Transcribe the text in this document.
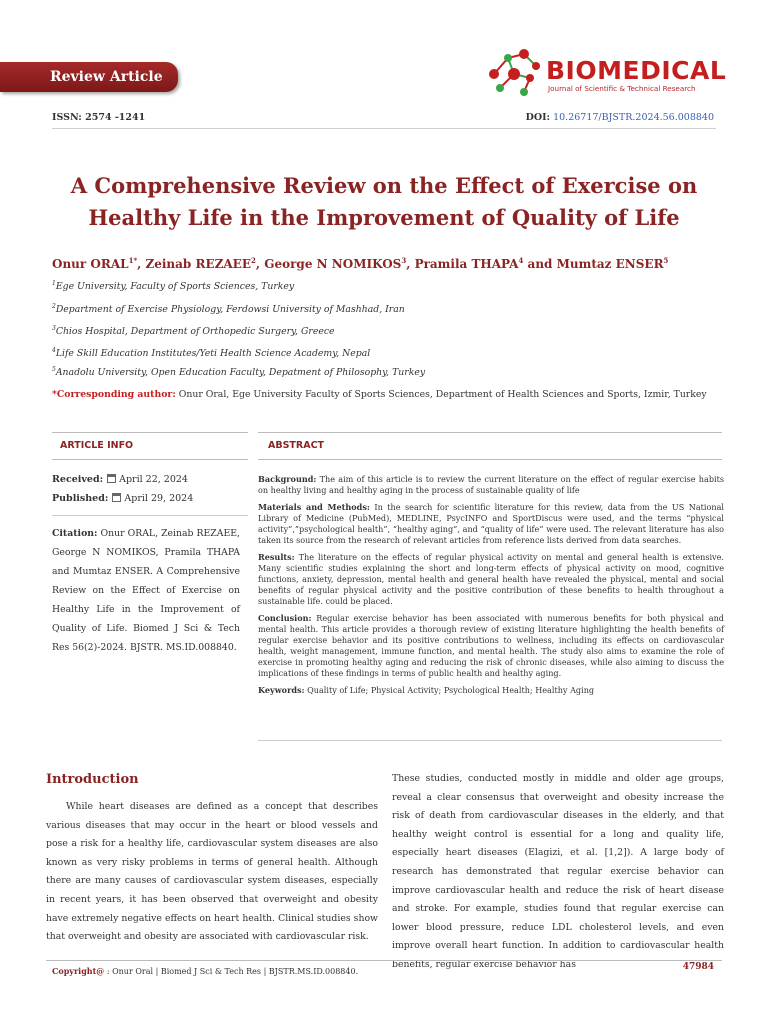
Review Article	BIOMEDICAL
Journal of Scientific & Technical Research
ISSN: 2574 -1241	DOI: 10.26717/BJSTR.2024.56.008840
A Comprehensive Review on the Effect of Exercise on Healthy Life in the Improvement of Quality of Life
Onur $ORAL^{1*}$, Zeinab REZAEE$^2$, George N NOMIKOS$^3$, Pramila THAPA$^4$ and Mumtaz ENSER$^5$
$^1$Ege University, Faculty of Sports Sciences, Turkey
$^2$Department of Exercise Physiology, Ferdowsi University of Mashhad, Iran
$^3$Chios Hospital, Department of Orthopedic Surgery, Greece
$^4$Life Skill Education Institutes/Yeti Health Science Academy, Nepal
$^5$Anadolu University, Open Education Faculty, Depatment of Philosophy, Turkey
*Corresponding author: Onur Oral, Ege University Faculty of Sports Sciences, Department of Health Sciences and Sports, Izmir, Turkey
ARTICLE INFO	ABSTRACT
Received: April 22, 2024
Published: April 29, 2024
Citation: Onur ORAL, Zeinab REZAEE, George N NOMIKOS, Pramila THAPA and Mumtaz ENSER. A Comprehensive Review on the Effect of Exercise on Healthy Life in the Improvement of Quality of Life. Biomed J Sci & Tech Res 56(2)-2024. BJSTR. MS.ID.008840.

Background: The aim of this article is to review the current literature on the effect of regular exercise habits on healthy living and healthy aging in the process of sustainable quality of life

Materials and Methods: In the search for scientific literature for this review, data from the US National Library of Medicine (PubMed), MEDLINE, PsycINFO and SportDiscus were used, and the terms “physical activity”,”psychological health”, “healthy aging”, and “quality of life” were used. The relevant literature has also taken its source from the research of relevant articles from reference lists derived from data searches.

Results: The literature on the effects of regular physical activity on mental and general health is extensive. Many scientific studies explaining the short and long-term effects of physical activity on mood, cognitive functions, anxiety, depression, mental health and general health have revealed the physical, mental and social benefits of regular physical activity and the positive contribution of these benefits to health throughout a sustainable life. could be placed.

Conclusion: Regular exercise behavior has been associated with numerous benefits for both physical and mental health. This article provides a thorough review of existing literature highlighting the health benefits of regular exercise behavior and its positive contributions to wellness, including its effects on cardiovascular health, weight management, immune function, and mental health. The study also aims to examine the role of exercise in promoting healthy aging and reducing the risk of chronic diseases, while also aiming to discuss the implications of these findings in terms of public health and healthy aging.

Keywords: Quality of Life; Physical Activity; Psychological Health; Healthy Aging

Introduction
While heart diseases are defined as a concept that describes various diseases that may occur in the heart or blood vessels and pose a risk for a healthy life, cardiovascular system diseases are also known as very risky problems in terms of general health. Although there are many causes of cardiovascular system diseases, especially in recent years, it has been observed that overweight and obesity have extremely negative effects on heart health. Clinical studies show that overweight and obesity are associated with cardiovascular risk.
These studies, conducted mostly in middle and older age groups, reveal a clear consensus that overweight and obesity increase the risk of death from cardiovascular diseases in the elderly, and that healthy weight control is essential for a long and quality life, especially heart diseases (Elagizi, et al. [1,2]). A large body of research has demonstrated that regular exercise behavior can improve cardiovascular health and reduce the risk of heart disease and stroke. For example, studies found that regular exercise can lower blood pressure, reduce LDL cholesterol levels, and even improve overall heart function. In addition to cardiovascular health benefits, regular exercise behavior has
Copyright@ : Onur Oral | Biomed J Sci & Tech Res | BJSTR.MS.ID.008840.	47984
